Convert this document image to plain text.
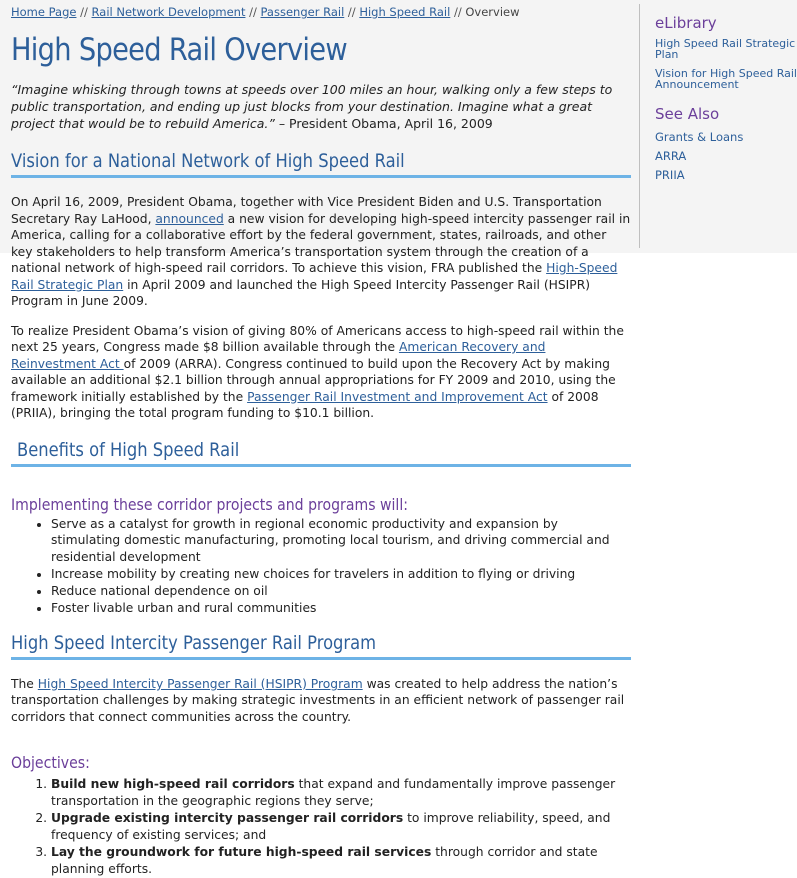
Home Page // Rail Network Development // Passenger Rail // High Speed Rail // Overview
High Speed Rail Overview

“Imagine whisking through towns at speeds over 100 miles an hour, walking only a few steps to public transportation, and ending up just blocks from your destination. Imagine what a great project that would be to rebuild America.” – President Obama, April 16, 2009

Vision for a National Network of High Speed Rail

On April 16, 2009, President Obama, together with Vice President Biden and U.S. Transportation Secretary Ray LaHood, announced a new vision for developing high-speed intercity passenger rail in America, calling for a collaborative effort by the federal government, states, railroads, and other key stakeholders to help transform America’s transportation system through the creation of a national network of high-speed rail corridors. To achieve this vision, FRA published the High-Speed Rail Strategic Plan in April 2009 and launched the High Speed Intercity Passenger Rail (HSIPR) Program in June 2009.

To realize President Obama’s vision of giving 80% of Americans access to high-speed rail within the next 25 years, Congress made $8 billion available through the American Recovery and Reinvestment Act of 2009 (ARRA). Congress continued to build upon the Recovery Act by making available an additional $2.1 billion through annual appropriations for FY 2009 and 2010, using the framework initially established by the Passenger Rail Investment and Improvement Act of 2008 (PRIIA), bringing the total program funding to $10.1 billion.

Benefits of High Speed Rail
Implementing these corridor projects and programs will:
• Serve as a catalyst for growth in regional economic productivity and expansion by stimulating domestic manufacturing, promoting local tourism, and driving commercial and residential development
• Increase mobility by creating new choices for travelers in addition to flying or driving
• Reduce national dependence on oil
• Foster livable urban and rural communities
High Speed Intercity Passenger Rail Program

The High Speed Intercity Passenger Rail (HSIPR) Program was created to help address the nation’s transportation challenges by making strategic investments in an efficient network of passenger rail corridors that connect communities across the country.

Objectives:
1. Build new high-speed rail corridors that expand and fundamentally improve passenger transportation in the geographic regions they serve;
2. Upgrade existing intercity passenger rail corridors to improve reliability, speed, and frequency of existing services; and
3. Lay the groundwork for future high-speed rail services through corridor and state planning efforts.
eLibrary
High Speed Rail Strategic Plan
Vision for High Speed Rail Announcement
See Also
Grants & Loans
ARRA
PRIIA
